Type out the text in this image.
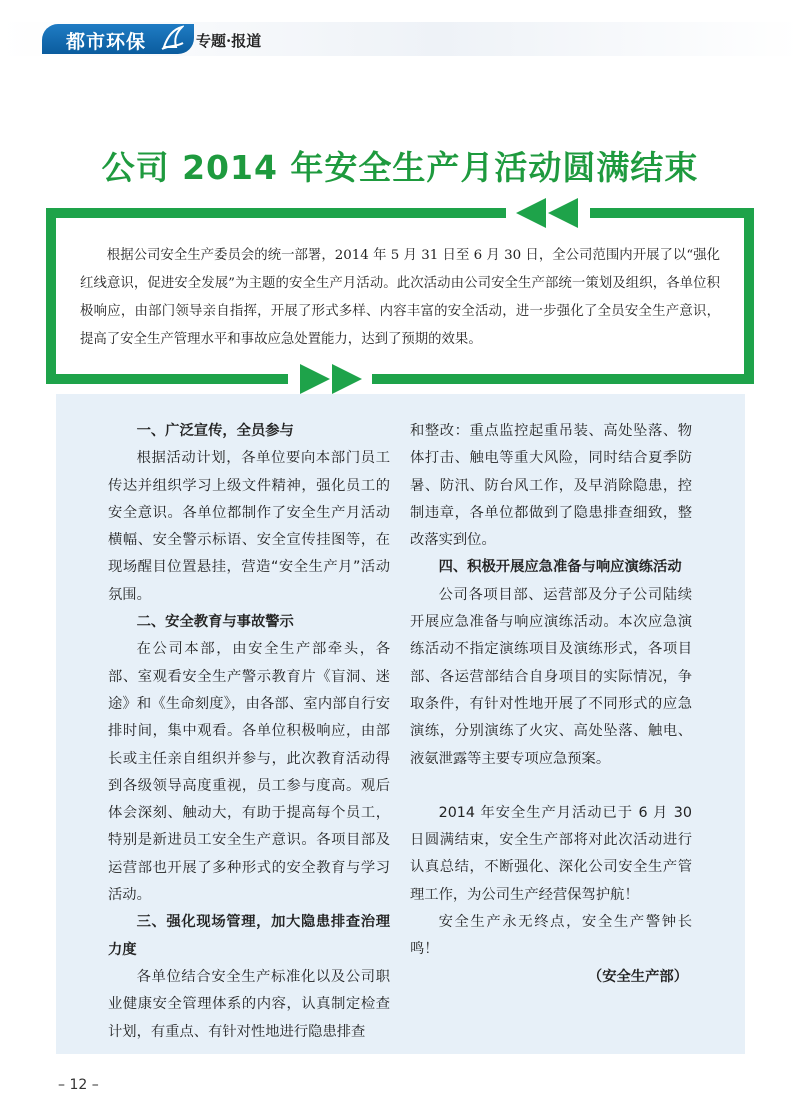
都市环保	专题·报道
公司 2014 年安全生产月活动圆满结束
根据公司安全生产委员会的统一部署，2014 年 5 月 31 日至 6 月 30 日，全公司范围内开展了以“强化红线意识，促进安全发展”为主题的安全生产月活动。此次活动由公司安全生产部统一策划及组织，各单位积极响应，由部门领导亲自指挥，开展了形式多样、内容丰富的安全活动，进一步强化了全员安全生产意识，提高了安全生产管理水平和事故应急处置能力，达到了预期的效果。

一、广泛宣传，全员参与

根据活动计划，各单位要向本部门员工传达并组织学习上级文件精神，强化员工的安全意识。各单位都制作了安全生产月活动横幅、安全警示标语、安全宣传挂图等，在现场醒目位置悬挂，营造“安全生产月”活动氛围。

二、安全教育与事故警示

在公司本部，由安全生产部牵头，各部、室观看安全生产警示教育片《盲洞、迷途》和《生命刻度》，由各部、室内部自行安排时间，集中观看。各单位积极响应，由部长或主任亲自组织并参与，此次教育活动得到各级领导高度重视，员工参与度高。观后体会深刻、触动大，有助于提高每个员工，特别是新进员工安全生产意识。各项目部及运营部也开展了多种形式的安全教育与学习活动。

三、强化现场管理，加大隐患排查治理力度

各单位结合安全生产标准化以及公司职业健康安全管理体系的内容，认真制定检查计划，有重点、有针对性地进行隐患排查

和整改：重点监控起重吊装、高处坠落、物体打击、触电等重大风险，同时结合夏季防暑、防汛、防台风工作，及早消除隐患，控制违章，各单位都做到了隐患排查细致，整改落实到位。

四、积极开展应急准备与响应演练活动

公司各项目部、运营部及分子公司陆续开展应急准备与响应演练活动。本次应急演练活动不指定演练项目及演练形式，各项目部、各运营部结合自身项目的实际情况，争取条件，有针对性地开展了不同形式的应急演练，分别演练了火灾、高处坠落、触电、液氨泄露等主要专项应急预案。

2014 年安全生产月活动已于 6 月 30 日圆满结束，安全生产部将对此次活动进行认真总结，不断强化、深化公司安全生产管理工作，为公司生产经营保驾护航！

安全生产永无终点，安全生产警钟长鸣！

（安全生产部）

– 12 –
